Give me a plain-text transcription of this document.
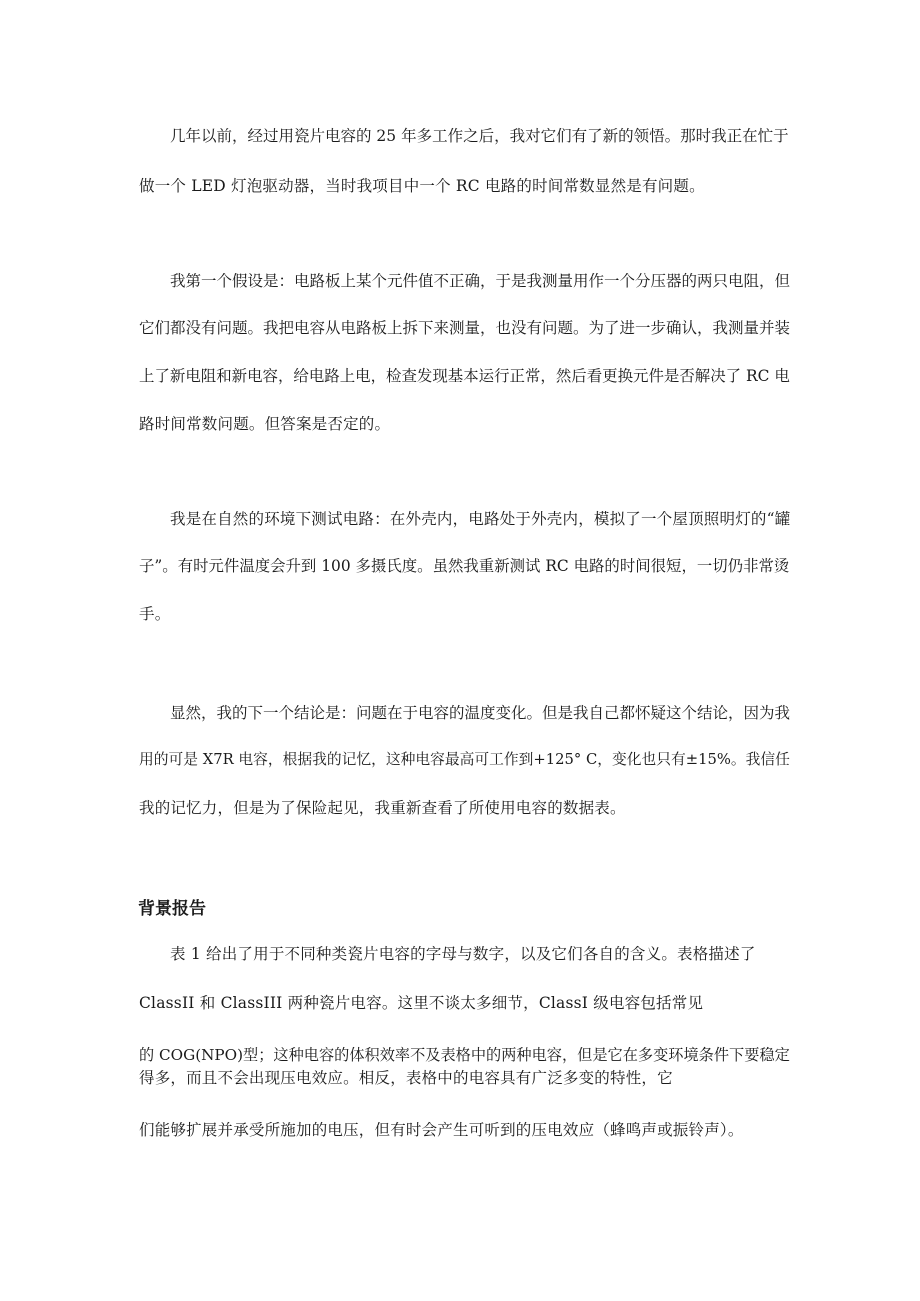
几年以前，经过用瓷片电容的 25 年多工作之后，我对它们有了新的领悟。那时我正在忙于
做一个 LED 灯泡驱动器，当时我项目中一个 RC 电路的时间常数显然是有问题。
我第一个假设是：电路板上某个元件值不正确，于是我测量用作一个分压器的两只电阻，但
它们都没有问题。我把电容从电路板上拆下来测量，也没有问题。为了进一步确认，我测量并装
上了新电阻和新电容，给电路上电，检查发现基本运行正常，然后看更换元件是否解决了 RC 电
路时间常数问题。但答案是否定的。
我是在自然的环境下测试电路：在外壳内，电路处于外壳内，模拟了一个屋顶照明灯的“罐
子”。有时元件温度会升到 100 多摄氏度。虽然我重新测试 RC 电路的时间很短，一切仍非常烫
手。
显然，我的下一个结论是：问题在于电容的温度变化。但是我自己都怀疑这个结论，因为我
用的可是 X7R 电容，根据我的记忆，这种电容最高可工作到+125° C，变化也只有±15%。我信任
我的记忆力，但是为了保险起见，我重新查看了所使用电容的数据表。
背景报告
表 1 给出了用于不同种类瓷片电容的字母与数字，以及它们各自的含义。表格描述了
ClassII 和 ClassIII 两种瓷片电容。这里不谈太多细节，ClassI 级电容包括常见
的 COG(NPO)型；这种电容的体积效率不及表格中的两种电容，但是它在多变环境条件下要稳定
得多，而且不会出现压电效应。相反，表格中的电容具有广泛多变的特性，它
们能够扩展并承受所施加的电压，但有时会产生可听到的压电效应（蜂鸣声或振铃声）。
